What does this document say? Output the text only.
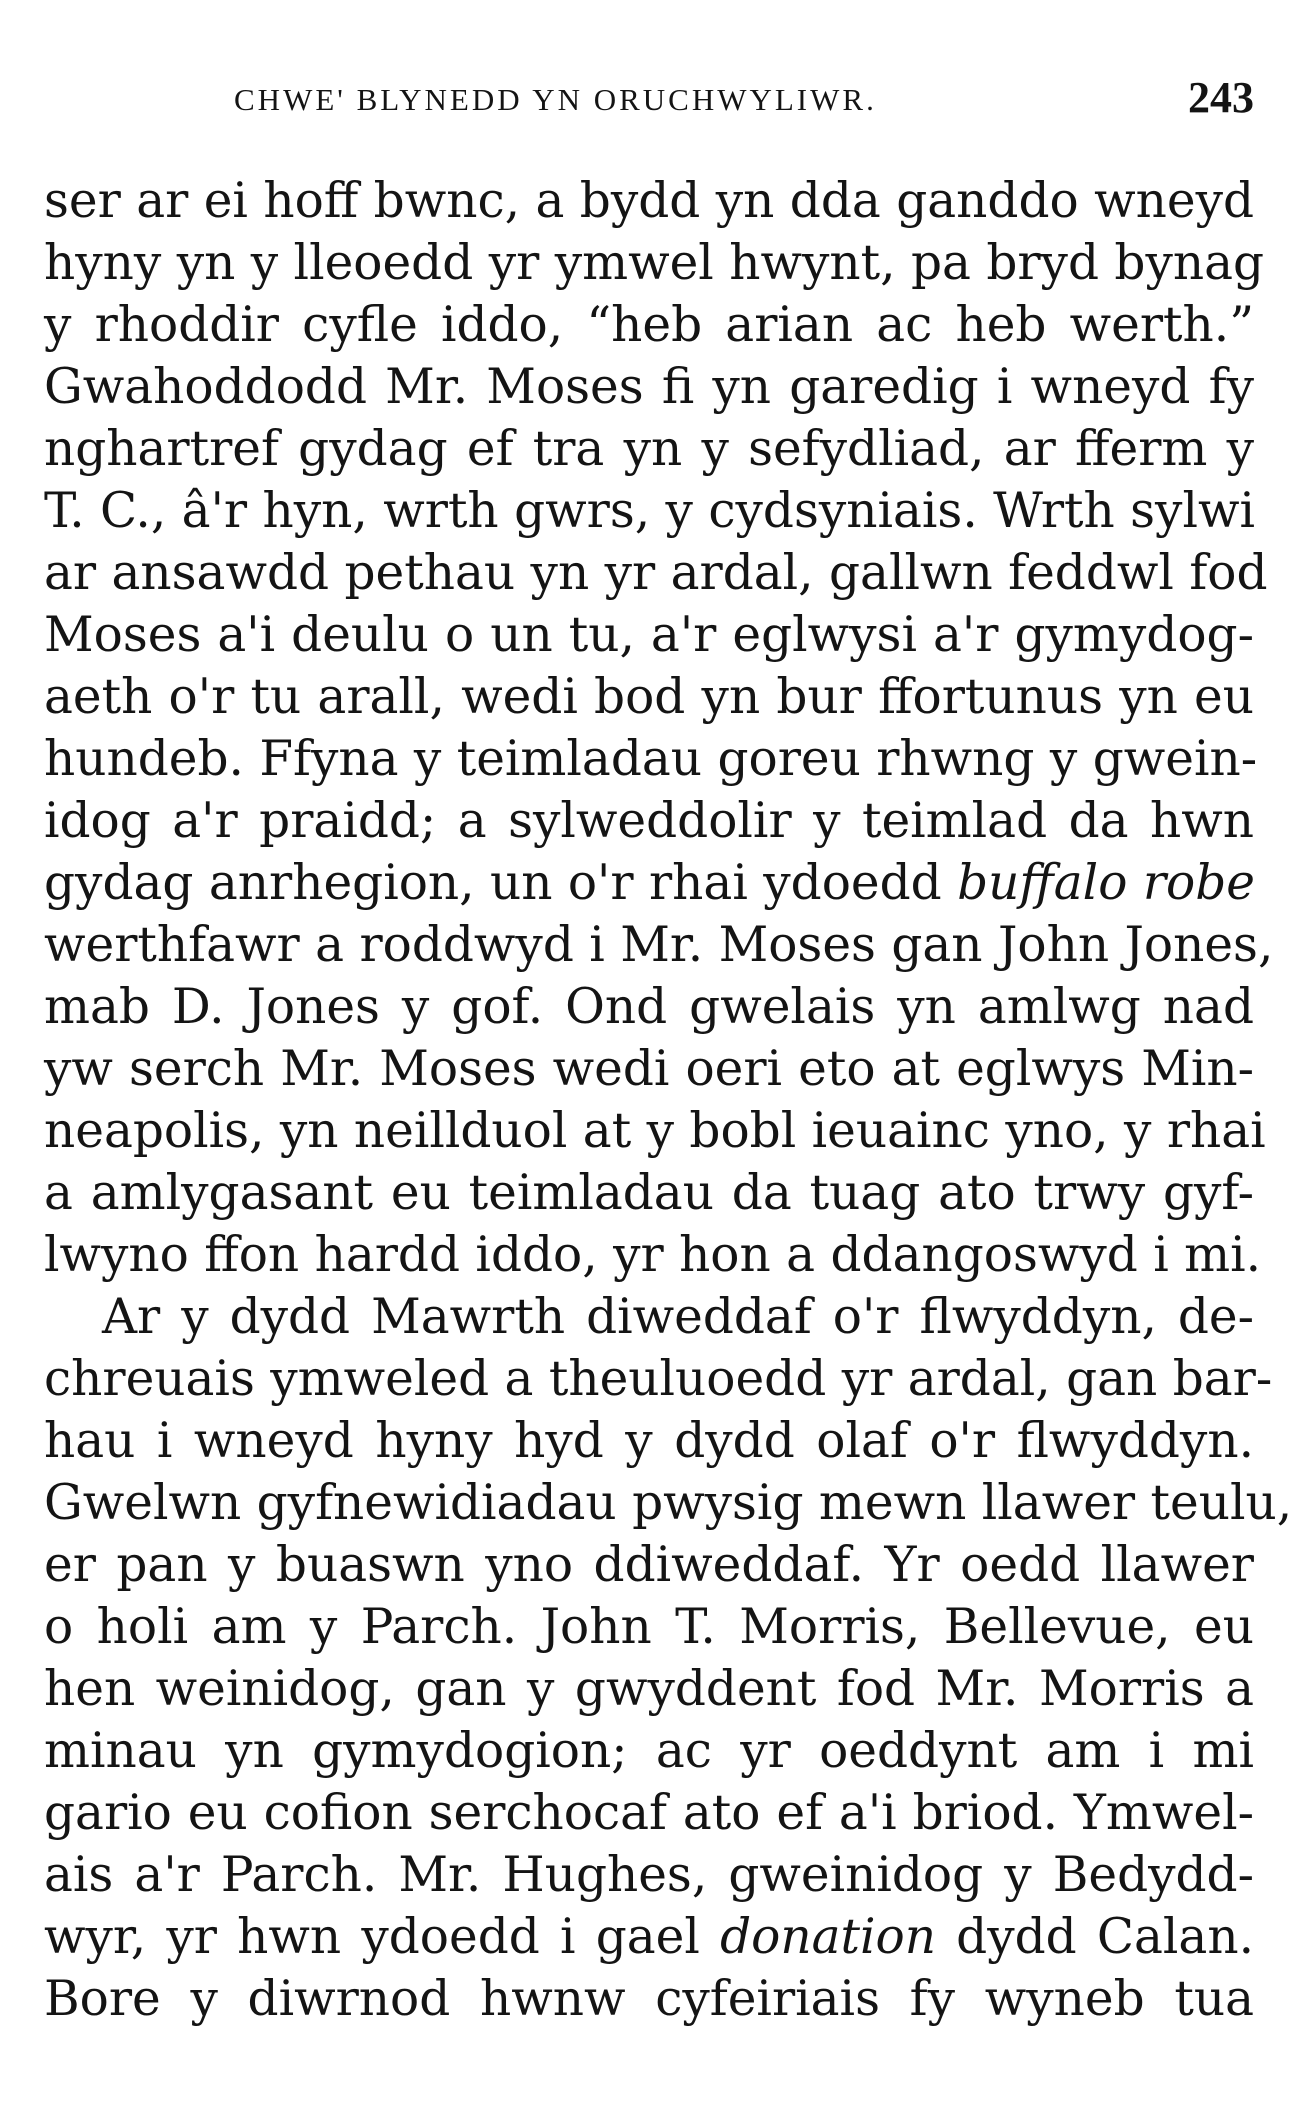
CHWE' BLYNEDD YN ORUCHWYLIWR.	243
ser ar ei hoff bwnc, a bydd yn dda ganddo wneyd
hyny yn y lleoedd yr ymwel hwynt, pa bryd bynag
y rhoddir cyfle iddo, “heb arian ac heb werth.”
Gwahoddodd Mr. Moses fi yn garedig i wneyd fy
nghartref gydag ef tra yn y sefydliad, ar fferm y
T. C., â'r hyn, wrth gwrs, y cydsyniais. Wrth sylwi
ar ansawdd pethau yn yr ardal, gallwn feddwl fod
Moses a'i deulu o un tu, a'r eglwysi a'r gymydog-
aeth o'r tu arall, wedi bod yn bur ffortunus yn eu
hundeb. Ffyna y teimladau goreu rhwng y gwein-
idog a'r praidd; a sylweddolir y teimlad da hwn
gydag anrhegion, un o'r rhai ydoedd buffalo robe
werthfawr a roddwyd i Mr. Moses gan John Jones,
mab D. Jones y gof. Ond gwelais yn amlwg nad
yw serch Mr. Moses wedi oeri eto at eglwys Min-
neapolis, yn neillduol at y bobl ieuainc yno, y rhai
a amlygasant eu teimladau da tuag ato trwy gyf-
lwyno ffon hardd iddo, yr hon a ddangoswyd i mi.
Ar y dydd Mawrth diweddaf o'r flwyddyn, de-
chreuais ymweled a theuluoedd yr ardal, gan bar-
hau i wneyd hyny hyd y dydd olaf o'r flwyddyn.
Gwelwn gyfnewidiadau pwysig mewn llawer teulu,
er pan y buaswn yno ddiweddaf. Yr oedd llawer
o holi am y Parch. John T. Morris, Bellevue, eu
hen weinidog, gan y gwyddent fod Mr. Morris a
minau yn gymydogion; ac yr oeddynt am i mi
gario eu cofion serchocaf ato ef a'i briod. Ymwel-
ais a'r Parch. Mr. Hughes, gweinidog y Bedydd-
wyr, yr hwn ydoedd i gael donation dydd Calan.
Bore y diwrnod hwnw cyfeiriais fy wyneb tua
